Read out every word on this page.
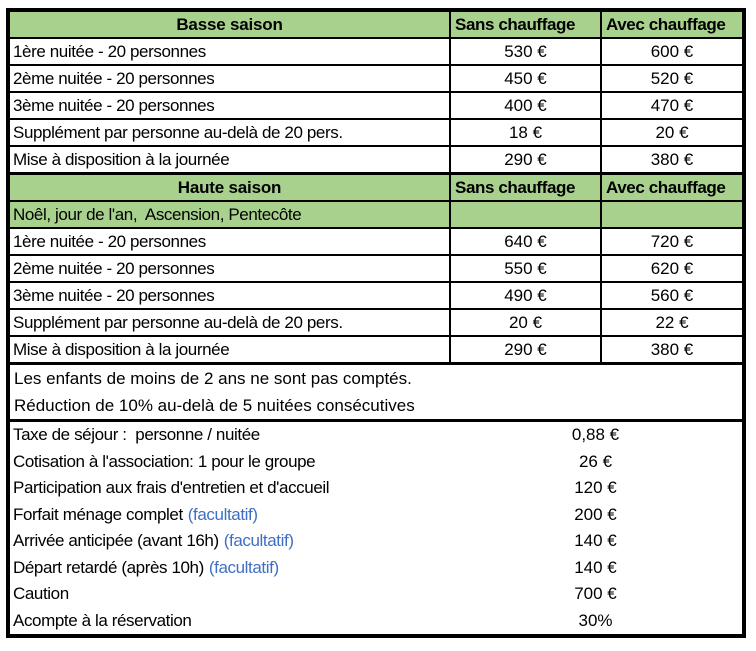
Basse saison	Sans chauffage	Avec chauffage
1ère nuitée - 20 personnes	530 €	600 €
2ème nuitée - 20 personnes	450 €	520 €
3ème nuitée - 20 personnes	400 €	470 €
Supplément par personne au-delà de 20 pers.	18 €	20 €
Mise à disposition à la journée	290 €	380 €
Haute saison	Sans chauffage	Avec chauffage
Noêl, jour de l'an,  Ascension, Pentecôte
1ère nuitée - 20 personnes	640 €	720 €
2ème nuitée - 20 personnes	550 €	620 €
3ème nuitée - 20 personnes	490 €	560 €
Supplément par personne au-delà de 20 pers.	20 €	22 €
Mise à disposition à la journée	290 €	380 €
Les enfants de moins de 2 ans ne sont pas comptés.
Réduction de 10% au-delà de 5 nuitées consécutives
Taxe de séjour :  personne / nuitée	0,88 €
Cotisation à l'association: 1 pour le groupe	26 €
Participation aux frais d'entretien et d'accueil	120 €
Forfait ménage complet (facultatif)	200 €
Arrivée anticipée (avant 16h) (facultatif)	140 €
Départ retardé (après 10h) (facultatif)	140 €
Caution	700 €
Acompte à la réservation	30%
